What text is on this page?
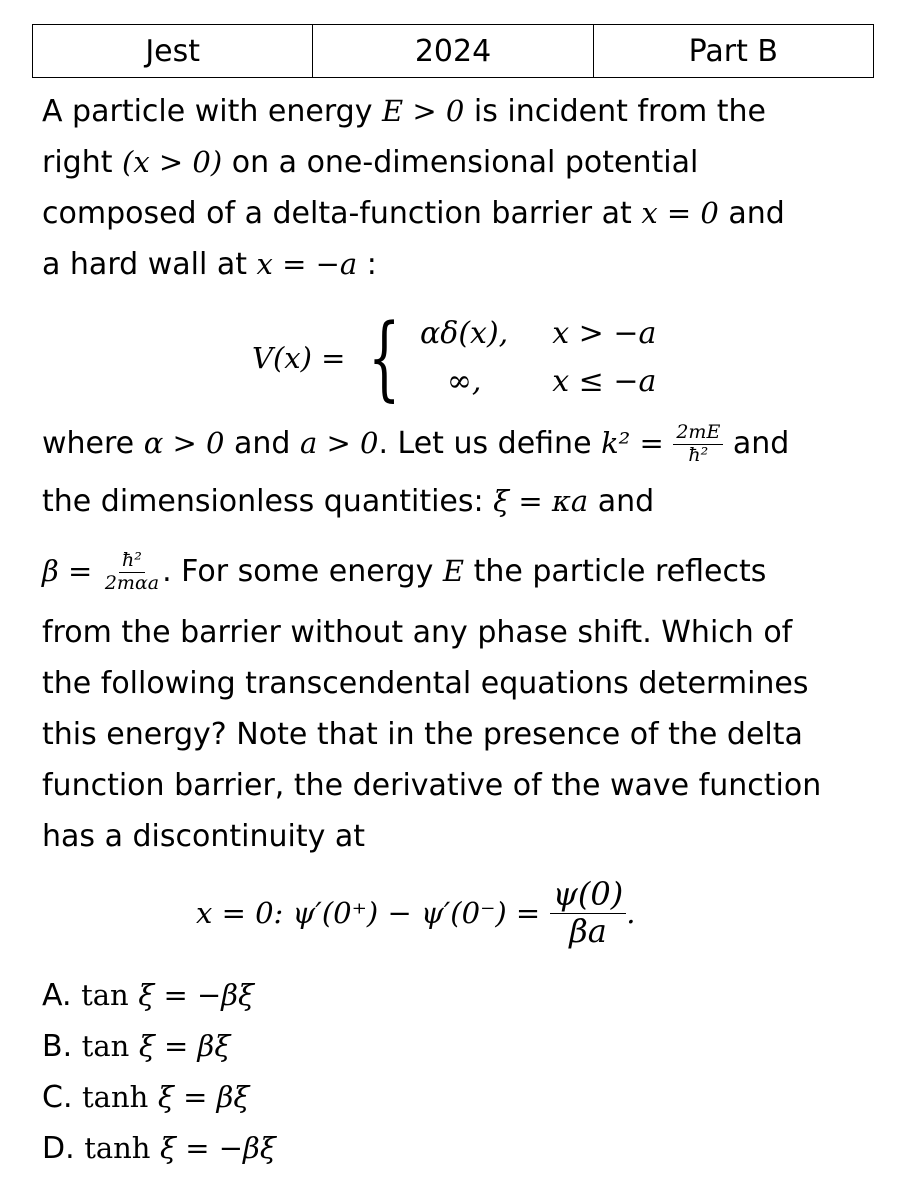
Jest	2024	Part B
A particle with energy E > 0 is incident from the
right (x > 0) on a one-dimensional potential
composed of a delta-function barrier at x = 0 and
a hard wall at x = −a :
V(x) = { αδ(x), x > −a
∞,	x ≤ −a
where α > 0 and a > 0. Let us define $k^2 = \frac{2mE}{\text{ħ²}}$ and
the dimensionless quantities: ξ = κa and
$\beta = \frac{\text{ħ²}}{\text{2mαa}}$ . For some energy E the particle reflects
from the barrier without any phase shift. Which of
the following transcendental equations determines
this energy? Note that in the presence of the delta
function barrier, the derivative of the wave function
has a discontinuity at
x = 0: ψ′(0⁺) − ψ′(0⁻) =
$\frac{\psi(0)}{\beta a}$ .
A. tan ξ = −βξ
B. tan ξ = βξ
C. tanh ξ = βξ
D. tanh ξ = −βξ
